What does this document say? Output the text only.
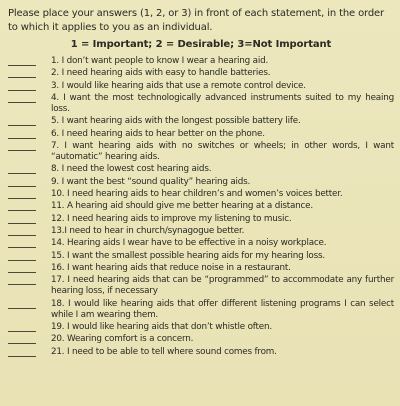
Please place your answers (1, 2, or 3) in front of each statement, in the order to which it applies to you as an individual.

1 = Important; 2 = Desirable; 3=Not Important

1. I don’t want people to know I wear a hearing aid.
2. I need hearing aids with easy to handle batteries.
3. I would like hearing aids that use a remote control device.
4. I want the most technologically advanced instruments suited to my heaing loss.
5. I want hearing aids with the longest possible battery life.
6. I need hearing aids to hear better on the phone.
7. I want hearing aids with no switches or wheels; in other words, I want “automatic” hearing aids.
8. I need the lowest cost hearing aids.
9. I want the best “sound quality” hearing aids.
10. I need hearing aids to hear children’s and women’s voices better.
11. A hearing aid should give me better hearing at a distance.
12. I need hearing aids to improve my listening to music.
13.I need to hear in church/synagogue better.
14. Hearing aids I wear have to be effective in a noisy workplace.
15. I want the smallest possible hearing aids for my hearing loss.
16. I want hearing aids that reduce noise in a restaurant.
17. I need hearing aids that can be “programmed” to accommodate any further hearing loss, if necessary
18. I would like hearing aids that offer different listening programs I can select while I am wearing them.
19. I would like hearing aids that don’t whistle often.
20. Wearing comfort is a concern.
21. I need to be able to tell where sound comes from.
